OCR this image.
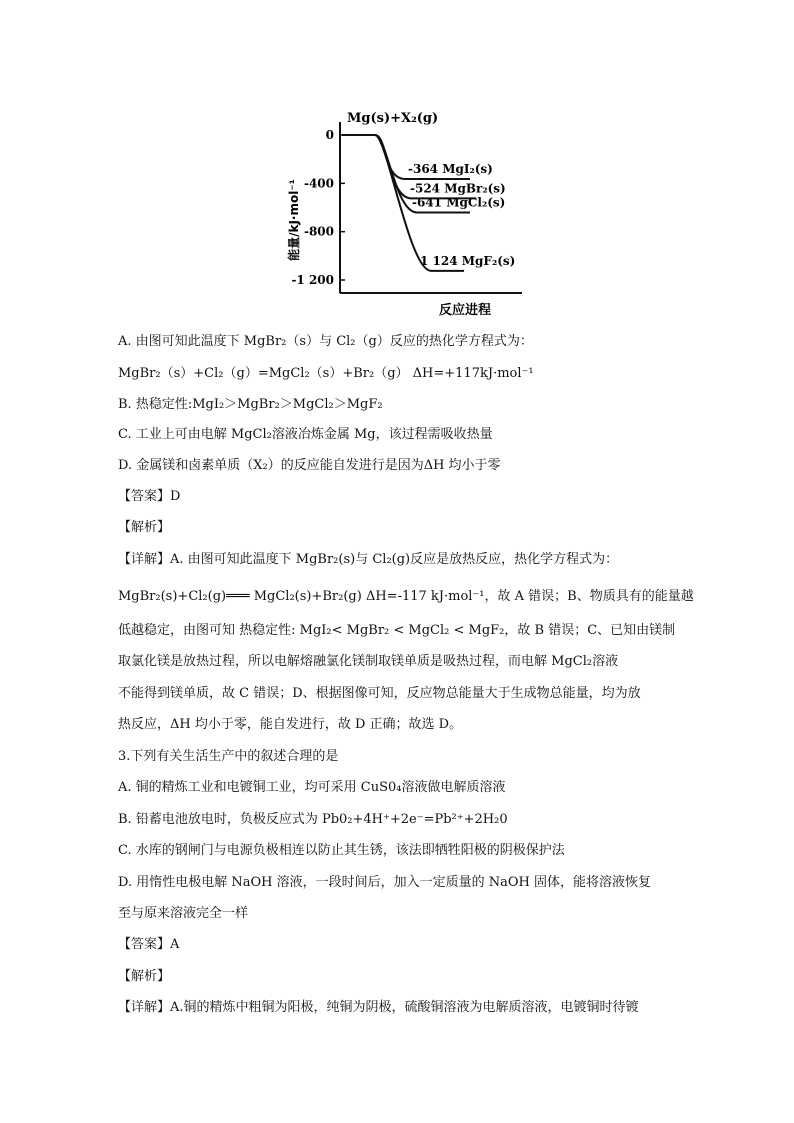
Mg(s)+X₂(g)
能量/kJ·mol⁻¹
反应进程
0
-400
-800
-1 200
-364 MgI₂(s)
-524 MgBr₂(s)
-641 MgCl₂(s)
1 124 MgF₂(s)
A. 由图可知此温度下 MgBr₂（s）与 Cl₂（g）反应的热化学方程式为：
MgBr₂（s）+Cl₂（g）=MgCl₂（s）+Br₂（g） ΔH=+117kJ·mol⁻¹
B. 热稳定性:MgI₂＞MgBr₂＞MgCl₂＞MgF₂
C. 工业上可由电解 MgCl₂溶液冶炼金属 Mg，该过程需吸收热量
D. 金属镁和卤素单质（X₂）的反应能自发进行是因为ΔH 均小于零
【答案】D
【解析】
【详解】A. 由图可知此温度下 MgBr₂(s)与 Cl₂(g)反应是放热反应，热化学方程式为：
MgBr₂(s)+Cl₂(g)═══ MgCl₂(s)+Br₂(g) ΔH=-117 kJ·mol⁻¹，故 A 错误；B、物质具有的能量越
低越稳定，由图可知 热稳定性: MgI₂< MgBr₂ < MgCl₂ < MgF₂，故 B 错误；C、已知由镁制
取氯化镁是放热过程，所以电解熔融氯化镁制取镁单质是吸热过程，而电解 MgCl₂溶液
不能得到镁单质，故 C 错误；D、根据图像可知，反应物总能量大于生成物总能量，均为放
热反应，ΔH 均小于零，能自发进行，故 D 正确；故选 D。
3.下列有关生活生产中的叙述合理的是
A. 铜的精炼工业和电镀铜工业，均可采用 CuS0₄溶液做电解质溶液
B. 铅蓄电池放电时，负极反应式为 Pb0₂+4H⁺+2e⁻=Pb²⁺+2H₂0
C. 水库的钢闸门与电源负极相连以防止其生锈，该法即牺牲阳极的阴极保护法
D. 用惰性电极电解 NaOH 溶液，一段时间后，加入一定质量的 NaOH 固体，能将溶液恢复
至与原来溶液完全一样
【答案】A
【解析】
【详解】A.铜的精炼中粗铜为阳极，纯铜为阴极，硫酸铜溶液为电解质溶液，电镀铜时待镀
